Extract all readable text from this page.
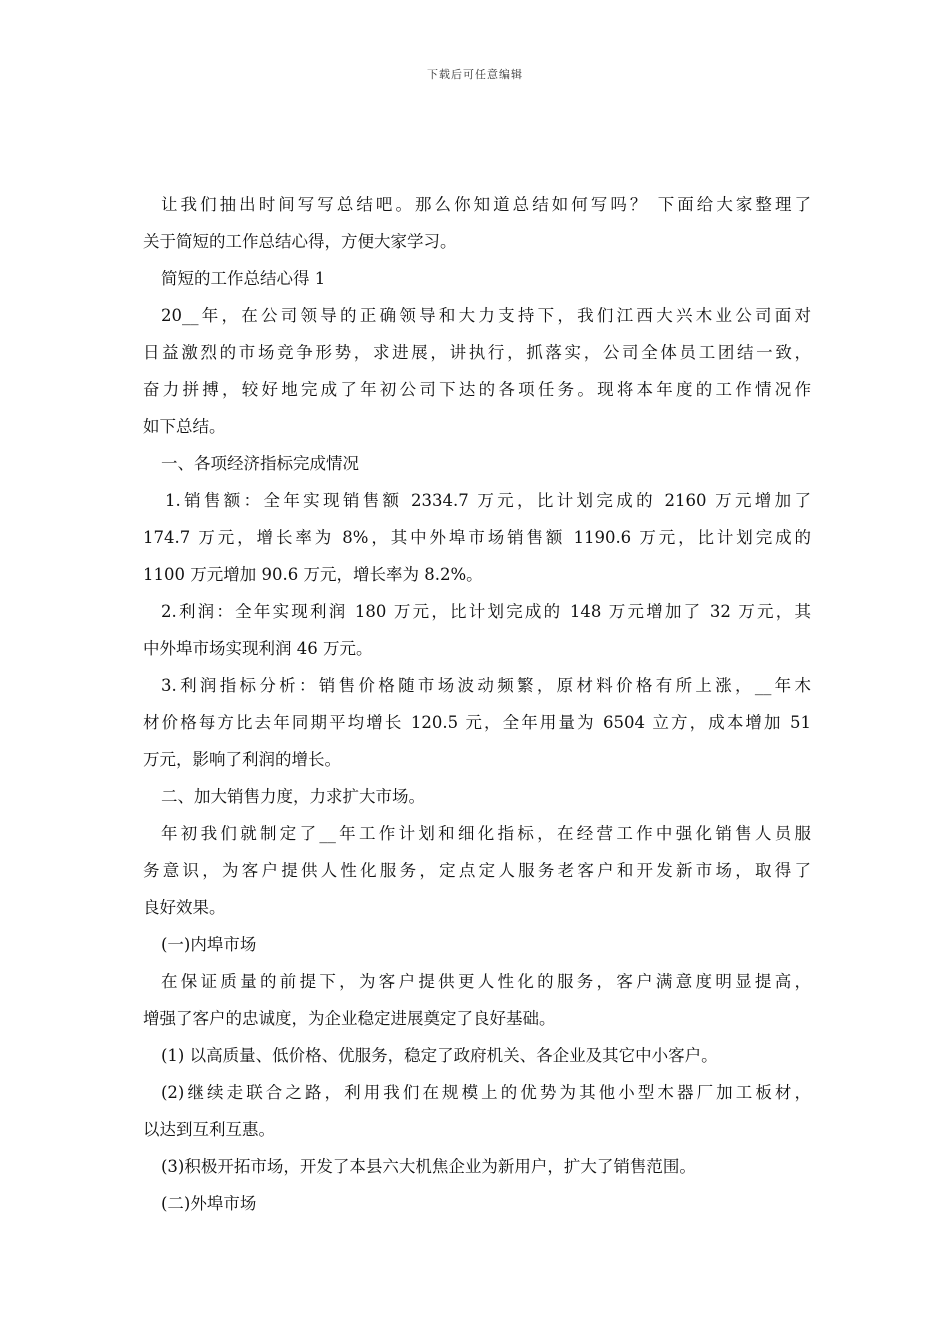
下载后可任意编辑
让我们抽出时间写写总结吧。那么你知道总结如何写吗？ 下面给大家整理了
关于简短的工作总结心得，方便大家学习。
简短的工作总结心得 1
20__年，在公司领导的正确领导和大力支持下，我们江西大兴木业公司面对
日益激烈的市场竞争形势，求进展，讲执行，抓落实，公司全体员工团结一致，
奋力拼搏，较好地完成了年初公司下达的各项任务。现将本年度的工作情况作
如下总结。
一、各项经济指标完成情况
1.销售额：全年实现销售额 2334.7 万元，比计划完成的 2160 万元增加了
174.7 万元，增长率为 8%，其中外埠市场销售额 1190.6 万元，比计划完成的
1100 万元增加 90.6 万元，增长率为 8.2%。
2.利润：全年实现利润 180 万元，比计划完成的 148 万元增加了 32 万元，其
中外埠市场实现利润 46 万元。
3.利润指标分析：销售价格随市场波动频繁，原材料价格有所上涨，__年木
材价格每方比去年同期平均增长 120.5 元，全年用量为 6504 立方，成本增加 51
万元，影响了利润的增长。
二、加大销售力度，力求扩大市场。
年初我们就制定了__年工作计划和细化指标，在经营工作中强化销售人员服
务意识，为客户提供人性化服务，定点定人服务老客户和开发新市场，取得了
良好效果。
(一)内埠市场
在保证质量的前提下，为客户提供更人性化的服务，客户满意度明显提高，
增强了客户的忠诚度，为企业稳定进展奠定了良好基础。
(1) 以高质量、低价格、优服务，稳定了政府机关、各企业及其它中小客户。
(2)继续走联合之路，利用我们在规模上的优势为其他小型木器厂加工板材，
以达到互利互惠。
(3)积极开拓市场，开发了本县六大机焦企业为新用户，扩大了销售范围。
(二)外埠市场
